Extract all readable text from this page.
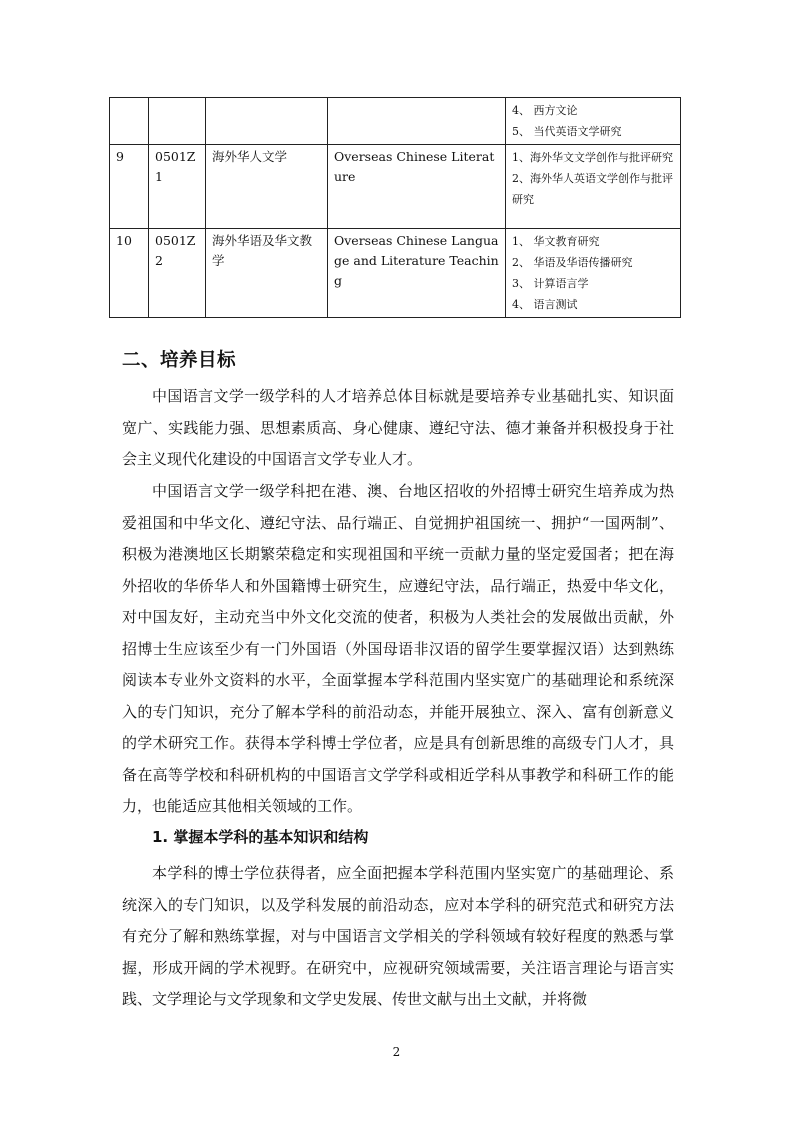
				4、 西方文论
5、 当代英语文学研究

9	0501Z1	海外华人文学	Overseas Chinese Literature	1、海外华文文学创作与批评研究
2、海外华人英语文学创作与批评研究

10	0501Z2	海外华语及华文教学	Overseas Chinese Language and Literature Teaching	1、 华文教育研究
2、 华语及华语传播研究
3、 计算语言学
4、 语言测试
二、培养目标

中国语言文学一级学科的人才培养总体目标就是要培养专业基础扎实、知识面宽广、实践能力强、思想素质高、身心健康、遵纪守法、德才兼备并积极投身于社会主义现代化建设的中国语言文学专业人才。

中国语言文学一级学科把在港、澳、台地区招收的外招博士研究生培养成为热爱祖国和中华文化、遵纪守法、品行端正、自觉拥护祖国统一、拥护“一国两制”、积极为港澳地区长期繁荣稳定和实现祖国和平统一贡献力量的坚定爱国者；把在海外招收的华侨华人和外国籍博士研究生，应遵纪守法，品行端正，热爱中华文化，对中国友好，主动充当中外文化交流的使者，积极为人类社会的发展做出贡献，外招博士生应该至少有一门外国语（外国母语非汉语的留学生要掌握汉语）达到熟练阅读本专业外文资料的水平，全面掌握本学科范围内坚实宽广的基础理论和系统深入的专门知识，充分了解本学科的前沿动态，并能开展独立、深入、富有创新意义的学术研究工作。获得本学科博士学位者，应是具有创新思维的高级专门人才，具备在高等学校和科研机构的中国语言文学学科或相近学科从事教学和科研工作的能力，也能适应其他相关领域的工作。

1. 掌握本学科的基本知识和结构

本学科的博士学位获得者，应全面把握本学科范围内坚实宽广的基础理论、系统深入的专门知识，以及学科发展的前沿动态，应对本学科的研究范式和研究方法有充分了解和熟练掌握，对与中国语言文学相关的学科领域有较好程度的熟悉与掌握，形成开阔的学术视野。在研究中，应视研究领域需要，关注语言理论与语言实践、文学理论与文学现象和文学史发展、传世文献与出土文献，并将微

2
